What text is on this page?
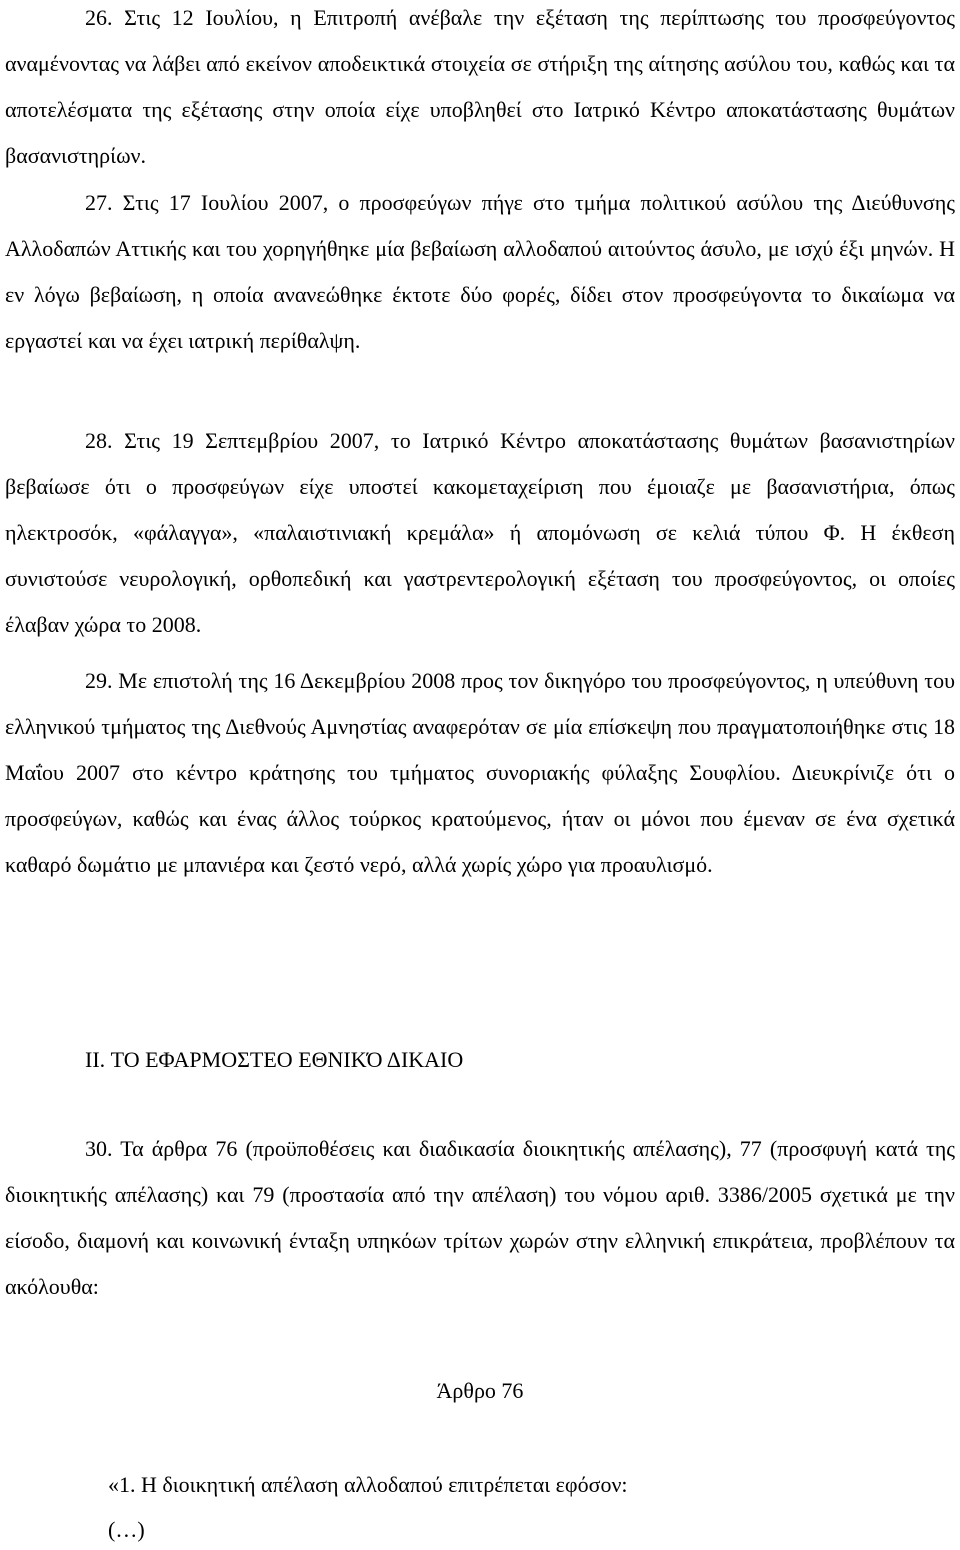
26. Στις 12 Ιουλίου, η Επιτροπή ανέβαλε την εξέταση της περίπτωσης του προσφεύγοντος αναμένοντας να λάβει από εκείνον αποδεικτικά στοιχεία σε στήριξη της αίτησης ασύλου του, καθώς και τα αποτελέσματα της εξέτασης στην οποία είχε υποβληθεί στο Ιατρικό Κέντρο αποκατάστασης θυμάτων βασανιστηρίων.

27. Στις 17 Ιουλίου 2007, ο προσφεύγων πήγε στο τμήμα πολιτικού ασύλου της Διεύθυνσης Αλλοδαπών Αττικής και του χορηγήθηκε μία βεβαίωση αλλοδαπού αιτούντος άσυλο, με ισχύ έξι μηνών. Η εν λόγω βεβαίωση, η οποία ανανεώθηκε έκτοτε δύο φορές, δίδει στον προσφεύγοντα το δικαίωμα να εργαστεί και να έχει ιατρική περίθαλψη.

28. Στις 19 Σεπτεμβρίου 2007, το Ιατρικό Κέντρο αποκατάστασης θυμάτων βασανιστηρίων βεβαίωσε ότι ο προσφεύγων είχε υποστεί κακομεταχείριση που έμοιαζε με βασανιστήρια, όπως ηλεκτροσόκ, «φάλαγγα», «παλαιστινιακή κρεμάλα» ή απομόνωση σε κελιά τύπου Φ. Η έκθεση συνιστούσε νευρολογική, ορθοπεδική και γαστρεντερολογική εξέταση του προσφεύγοντος, οι οποίες έλαβαν χώρα το 2008.

29. Με επιστολή της 16 Δεκεμβρίου 2008 προς τον δικηγόρο του προσφεύγοντος, η υπεύθυνη του ελληνικού τμήματος της Διεθνούς Αμνηστίας αναφερόταν σε μία επίσκεψη που πραγματοποιήθηκε στις 18 Μαΐου 2007 στο κέντρο κράτησης του τμήματος συνοριακής φύλαξης Σουφλίου. Διευκρίνιζε ότι ο προσφεύγων, καθώς και ένας άλλος τούρκος κρατούμενος, ήταν οι μόνοι που έμεναν σε ένα σχετικά καθαρό δωμάτιο με μπανιέρα και ζεστό νερό, αλλά χωρίς χώρο για προαυλισμό.

II. ΤΟ ΕΦΑΡΜΟΣΤΕΟ ΕΘΝΙΚΌ ΔΙΚΑΙΟ

30. Τα άρθρα 76 (προϋποθέσεις και διαδικασία διοικητικής απέλασης), 77 (προσφυγή κατά της διοικητικής απέλασης) και 79 (προστασία από την απέλαση) του νόμου αριθ. 3386/2005 σχετικά με την είσοδο, διαμονή και κοινωνική ένταξη υπηκόων τρίτων χωρών στην ελληνική επικράτεια, προβλέπουν τα ακόλουθα:

Άρθρο 76

«1. Η διοικητική απέλαση αλλοδαπού επιτρέπεται εφόσον:

(…)
